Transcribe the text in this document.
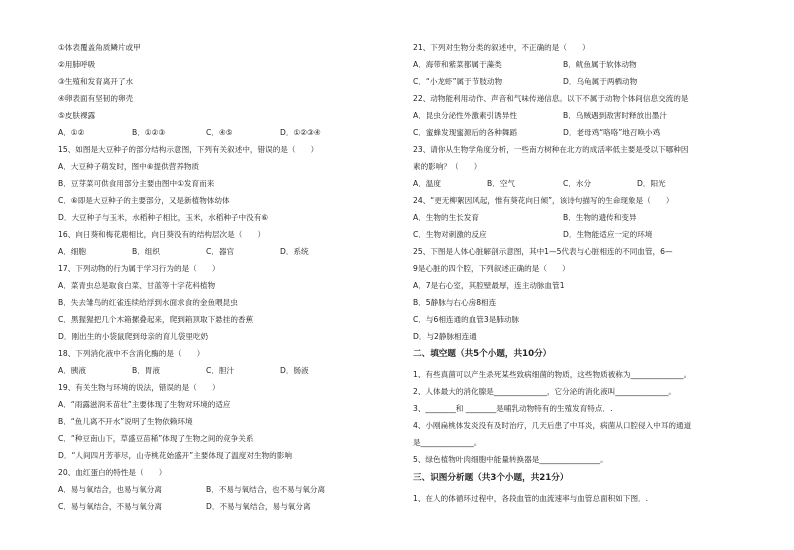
①体表覆盖角质鳞片或甲
②用肺呼吸
③生殖和发育离开了水
④卵表面有坚韧的卵壳
⑤皮肤裸露
A．①②	B．①②③	C．④⑤	D．①②③④
15、如图是大豆种子的部分结构示意图，下列有关叙述中，错误的是（　　）
A．大豆种子萌发时，图中⑥提供营养物质
B．豆芽菜可供食用部分主要由图中①发育而来
C．⑥即是大豆种子的主要部分，又是新植物体幼体
D．大豆种子与玉米，水稻种子相比，玉米，水稻种子中没有⑥
16、向日葵和梅花鹿相比，向日葵没有的结构层次是（　　）
A．细胞	B．组织	C．器官	D．系统
17、下列动物的行为属于学习行为的是（　　）
A．菜青虫总是取食白菜、甘蓝等十字花科植物
B．失去雏鸟的红雀连续给浮到水面求食的金鱼喂昆虫
C．黑猩猩把几个木箱摞叠起来，爬到箱顶取下悬挂的香蕉
D．刚出生的小袋鼠爬到母亲的育儿袋里吃奶
18、下列消化液中不含消化酶的是（　　）
A．胰液	B．胃液	C．胆汁	D．肠液
19、有关生物与环境的说法，错误的是（　　）
A．“雨露滋润禾苗壮”主要体现了生物对环境的适应
B．“鱼儿离不开水”说明了生物依赖环境
C．“种豆南山下，草盛豆苗稀”体现了生物之间的竞争关系
D．“人间四月芳菲尽，山寺桃花始盛开”主要体现了温度对生物的影响
20、血红蛋白的特性是（　　）
A．易与氧结合，也易与氧分离	B．不易与氧结合，也不易与氧分离
C．易与氧结合，不易与氧分离	D．不易与氧结合，易与氧分离
21、下列对生物分类的叙述中，不正确的是（　　）
A．海带和紫菜都属于藻类	B．鱿鱼属于软体动物
C．“小龙虾”属于节肢动物	D．乌龟属于两栖动物
22、动物能利用动作、声音和气味传递信息。以下不属于动物个体间信息交流的是
A．昆虫分泌性外激素引诱异性	B．乌贼遇到敌害时释放出墨汁
C．蜜蜂发现蜜源后的各种舞蹈	D．老母鸡“咯咯”地召唤小鸡
23、请你从生物学角度分析，一些南方树种在北方的成活率低主要是受以下哪种因
素的影响？（　　）
A．温度	B．空气	C．水分	D．阳光
24、“更无柳絮因风起，惟有葵花向日倾”，该诗句描写的生命现象是（　　）
A．生物的生长发育	B．生物的遗传和变异
C．生物对刺激的反应	D．生物能适应一定的环境
25、下图是人体心脏解剖示意图，其中1—5代表与心脏相连的不同血管，6—
9是心脏的四个腔，下列叙述正确的是（　　）
A．7是右心室，其腔壁最厚，连主动脉血管1
B．5静脉与右心房8相连
C．与6相连通的血管3是肺动脉
D．与2静脉相连通
二、填空题（共5个小题，共10分）
1、有些真菌可以产生杀死某些致病细菌的物质，这些物质被称为______________。
2、人体最大的消化腺是______________，它分泌的消化液叫______________。
3、________和 ________是哺乳动物特有的生殖发育特点．.
4、小刚扁桃体发炎没有及时治疗，几天后患了中耳炎，病菌从口腔侵入中耳的通道
是______________。
5、绿色植物叶肉细胞中能量转换器是________________。
三、识图分析题（共3个小题，共21分）
1、在人的体循环过程中，各段血管的血流速率与血管总面积如下图．.
